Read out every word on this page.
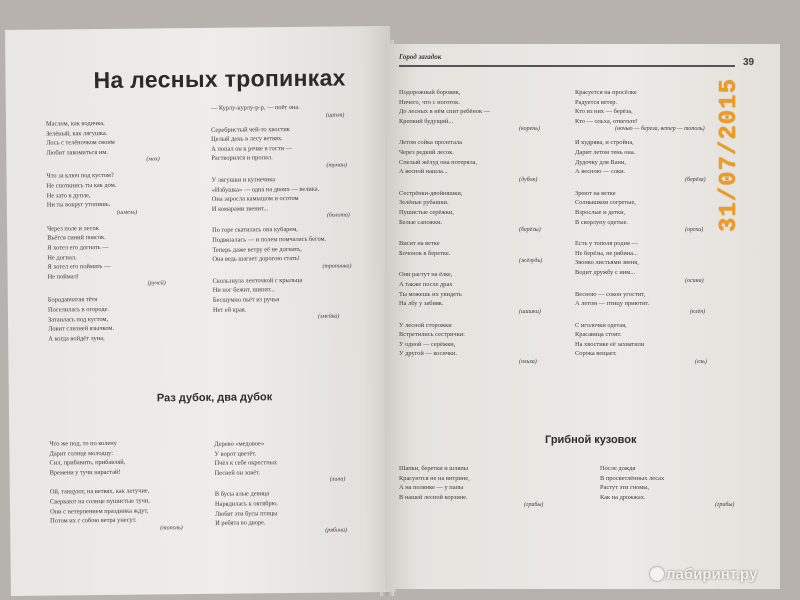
На лесных тропинках
Маслом, как водичка,
Зелёный, как лягушка.
Лось с телёночком своим
Любит лакомиться им.
(мох)
Что за ключ под кустом?
Не споткнись ты как дом.
Не зато в дупле,
Ни ты вокруг утопишь.
(шмель)
Через поле и лесок
Вьётся синий поясок.
Я хотел его догнать —
Не догнал.
Я хотел его поймать —
Не поймал!
(ручей)
Бородавчатая тётя
Поселилась в огороде.
Затаилась под кустом,
Ловит слизней язычком.
А когда войдёт луна,
— Курлу-курлу-р-р, — поёт она.
(цапля)
Серебристый чей-то хвостик
Целый день в лесу ветвях.
А попал он к речке в гости —
Растворился и пропал.
(туман)
У лягушки и кузнечика
«Избушка» — одна на двоих — велика.
Она заросла камышом и осотом
И комарами звенит...
(болото)
По горе скатилась она кубарем,
Подвязалась — и полем помчалась бегом.
Теперь даже ветру её не догнать,
Она ведь шагает дорогою стать!
(тропинка)
Скользнула ленточкой с крыльца
Ни ног бежит, шипит...
Бесшумно пьёт из ручья
Нет ей края.
(змейка)
Раз дубок, два дубок
Что же под, то по колену
Дарит солнце молодцу:
Сил, прибавить, прибавляй,
Времени у тучи нарастай!
Ой, танцуют, на ветвях, как летучие,
Сверкают на солнце пушистые тучи,
Они с нетерпением праздника ждут,
Потом их с собою ветра унесут.
(тополь)
Дерево «медовое»
У ворот цветёт.
Пчёл к себе окрестных
Песней он зовёт.
(липа)
В бусы алые девица
Нарядилась к октябрю.
Любят эти бусы птицы
И ребята во дворе.
(рябина)
Город загадок	39
Подорожный боровик,
Ничего, что с ноготок.
До лесных в нём спит ребёнок —
Крепкий будущий...
(корень)
Летом сойка пролетала
Через редкий лесок.
Спелый жёлуд она потеряла,
А весной нашла...
(дубок)
Сестрёнки-двойняшки,
Зелёные рубашки.
Пушистые серёжки,
Белые сапожки.
(берёзы)
Висит на ветке
Бочонок в беретке.
(жёлудь)
Они растут на ёлке,
А также после драх
Ты можешь их увидеть
На лбу у забияк.
(шишки)
У лесной сторожки
Встретились сестрички:
У одной — серёжки,
У другой — косички.
(ольха)
Красуется на просёлке
Радуется ветер.
Кто из них — берёза,
Кто — ольха, ответьте!
(ночью — береза, ветер — тополь)
И кудрява, и стройна,
Дарит летом тень она.
Дудочку для Вани,
А весною — соки.
(берёза)
Зреют на ветке
Солнышком согретые,
Взрослые и детки,
В скорлупу одетые.
(орехи)
Есть у тополя родня —
Не берёзы, не рябина...
Звонко листьями звеня,
Водит дружбу с ним...
(осина)
Весною — сокон угостит,
А летом — птицу приютит.
(клён)
С иголочки одетая,
Красавица стоит.
На хвостике её захватили
Сорока вещает.
(ель)
Грибной кузовок
Шапки, беретки и шляпы
Красуются не на витрине,
А на полянке — у папы
В нашей лесной корзине.
(грибы)
После дождя
В просветлённых лесах
Растут эти гномы,
Как на дрожжах.
(грибы)
31/07/2015
лабиринт.ру
